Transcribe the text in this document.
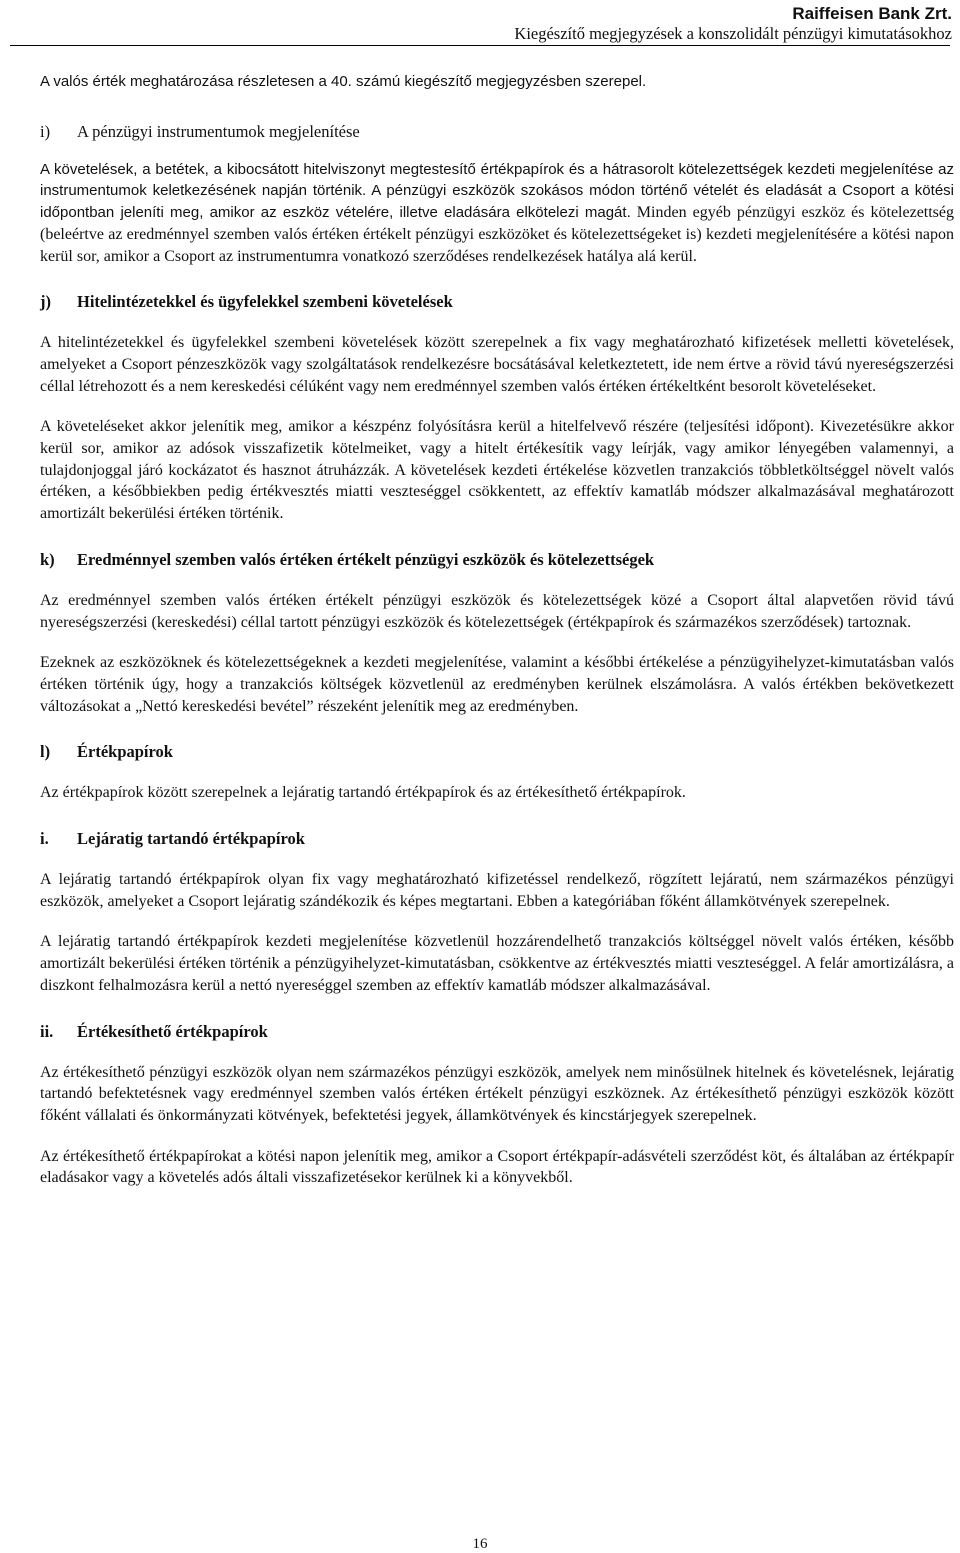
Raiffeisen Bank Zrt.
Kiegészítő megjegyzések a konszolidált pénzügyi kimutatásokhoz

A valós érték meghatározása részletesen a 40. számú kiegészítő megjegyzésben szerepel.

i)	A pénzügyi instrumentumok megjelenítése

A követelések, a betétek, a kibocsátott hitelviszonyt megtestesítő értékpapírok és a hátrasorolt kötelezettségek kezdeti megjelenítése az instrumentumok keletkezésének napján történik. A pénzügyi eszközök szokásos módon történő vételét és eladását a Csoport a kötési időpontban jeleníti meg, amikor az eszköz vételére, illetve eladására elkötelezi magát. Minden egyéb pénzügyi eszköz és kötelezettség (beleértve az eredménnyel szemben valós értéken értékelt pénzügyi eszközöket és kötelezettségeket is) kezdeti megjelenítésére a kötési napon kerül sor, amikor a Csoport az instrumentumra vonatkozó szerződéses rendelkezések hatálya alá kerül.

j)	Hitelintézetekkel és ügyfelekkel szembeni követelések

A hitelintézetekkel és ügyfelekkel szembeni követelések között szerepelnek a fix vagy meghatározható kifizetések melletti követelések, amelyeket a Csoport pénzeszközök vagy szolgáltatások rendelkezésre bocsátásával keletkeztetett, ide nem értve a rövid távú nyereségszerzési céllal létrehozott és a nem kereskedési célúként vagy nem eredménnyel szemben valós értéken értékeltként besorolt követeléseket.

A követeléseket akkor jelenítik meg, amikor a készpénz folyósításra kerül a hitelfelvevő részére (teljesítési időpont). Kivezetésükre akkor kerül sor, amikor az adósok visszafizetik kötelmeiket, vagy a hitelt értékesítik vagy leírják, vagy amikor lényegében valamennyi, a tulajdonjoggal járó kockázatot és hasznot átruházzák. A követelések kezdeti értékelése közvetlen tranzakciós többletköltséggel növelt valós értéken, a későbbiekben pedig értékvesztés miatti veszteséggel csökkentett, az effektív kamatláb módszer alkalmazásával meghatározott amortizált bekerülési értéken történik.

k)	Eredménnyel szemben valós értéken értékelt pénzügyi eszközök és kötelezettségek

Az eredménnyel szemben valós értéken értékelt pénzügyi eszközök és kötelezettségek közé a Csoport által alapvetően rövid távú nyereségszerzési (kereskedési) céllal tartott pénzügyi eszközök és kötelezettségek (értékpapírok és származékos szerződések) tartoznak.

Ezeknek az eszközöknek és kötelezettségeknek a kezdeti megjelenítése, valamint a későbbi értékelése a pénzügyihelyzet-kimutatásban valós értéken történik úgy, hogy a tranzakciós költségek közvetlenül az eredményben kerülnek elszámolásra. A valós értékben bekövetkezett változásokat a „Nettó kereskedési bevétel” részeként jelenítik meg az eredményben.

l)	Értékpapírok

Az értékpapírok között szerepelnek a lejáratig tartandó értékpapírok és az értékesíthető értékpapírok.

i.	Lejáratig tartandó értékpapírok

A lejáratig tartandó értékpapírok olyan fix vagy meghatározható kifizetéssel rendelkező, rögzített lejáratú, nem származékos pénzügyi eszközök, amelyeket a Csoport lejáratig szándékozik és képes megtartani. Ebben a kategóriában főként államkötvények szerepelnek.

A lejáratig tartandó értékpapírok kezdeti megjelenítése közvetlenül hozzárendelhető tranzakciós költséggel növelt valós értéken, később amortizált bekerülési értéken történik a pénzügyihelyzet-kimutatásban, csökkentve az értékvesztés miatti veszteséggel. A felár amortizálásra, a diszkont felhalmozásra kerül a nettó nyereséggel szemben az effektív kamatláb módszer alkalmazásával.

ii.	Értékesíthető értékpapírok

Az értékesíthető pénzügyi eszközök olyan nem származékos pénzügyi eszközök, amelyek nem minősülnek hitelnek és követelésnek, lejáratig tartandó befektetésnek vagy eredménnyel szemben valós értéken értékelt pénzügyi eszköznek. Az értékesíthető pénzügyi eszközök között főként vállalati és önkormányzati kötvények, befektetési jegyek, államkötvények és kincstárjegyek szerepelnek.

Az értékesíthető értékpapírokat a kötési napon jelenítik meg, amikor a Csoport értékpapír-adásvételi szerződést köt, és általában az értékpapír eladásakor vagy a követelés adós általi visszafizetésekor kerülnek ki a könyvekből.

16
